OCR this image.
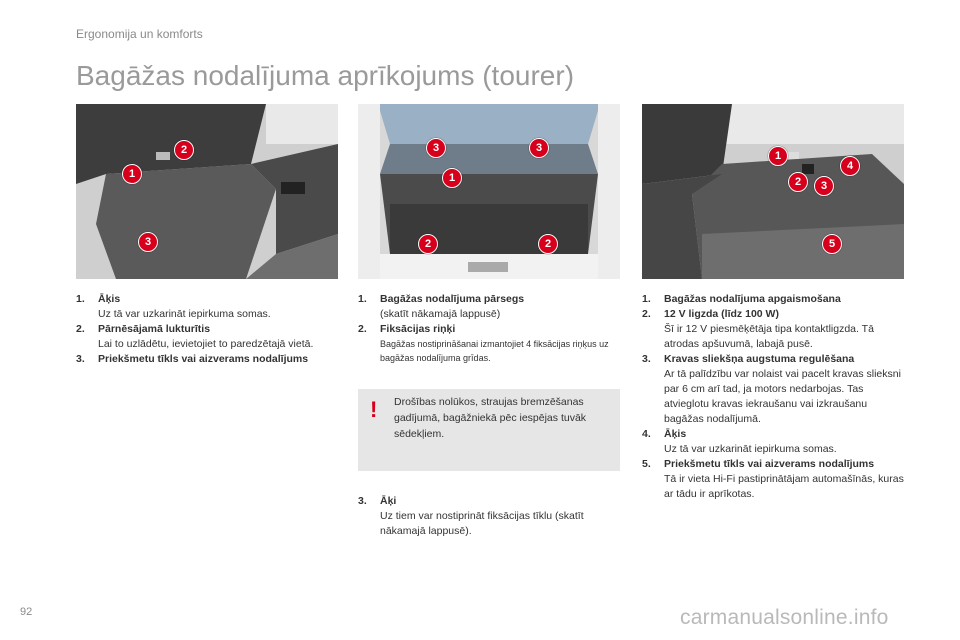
Ergonomija un komforts
Bagāžas nodalījuma aprīkojums (tourer)
1
2
3
3	3
1
2	2
1
2	3
4
5
1. Āķis
Uz tā var uzkarināt iepirkuma somas.
2. Pārnēsājamā lukturītis
Lai to uzlādētu, ievietojiet to paredzētajā vietā.
3. Priekšmetu tīkls vai aizverams nodalījums
1. Bagāžas nodalījuma pārsegs
(skatīt nākamajā lappusē)
2. Fiksācijas riņķi
Bagāžas nostiprināšanai izmantojiet 4 fiksācijas riņķus uz bagāžas nodalījuma grīdas.
! Drošības nolūkos, straujas bremzēšanas gadījumā, bagāžniekā pēc iespējas tuvāk sēdekļiem.
3. Āķi
Uz tiem var nostiprināt fiksācijas tīklu (skatīt nākamajā lappusē).
1. Bagāžas nodalījuma apgaismošana
2. 12 V ligzda (līdz 100 W)
Šī ir 12 V piesmēķētāja tipa kontaktligzda. Tā atrodas apšuvumā, labajā pusē.
3. Kravas sliekšņa augstuma regulēšana
Ar tā palīdzību var nolaist vai pacelt kravas slieksni par 6 cm arī tad, ja motors nedarbojas. Tas atvieglotu kravas iekraušanu vai izkraušanu bagāžas nodalījumā.
4. Āķis
Uz tā var uzkarināt iepirkuma somas.
5. Priekšmetu tīkls vai aizverams nodalījums
Tā ir vieta Hi-Fi pastiprinātājam automašīnās, kuras ar tādu ir aprīkotas.
92	carmanualsonline.info
